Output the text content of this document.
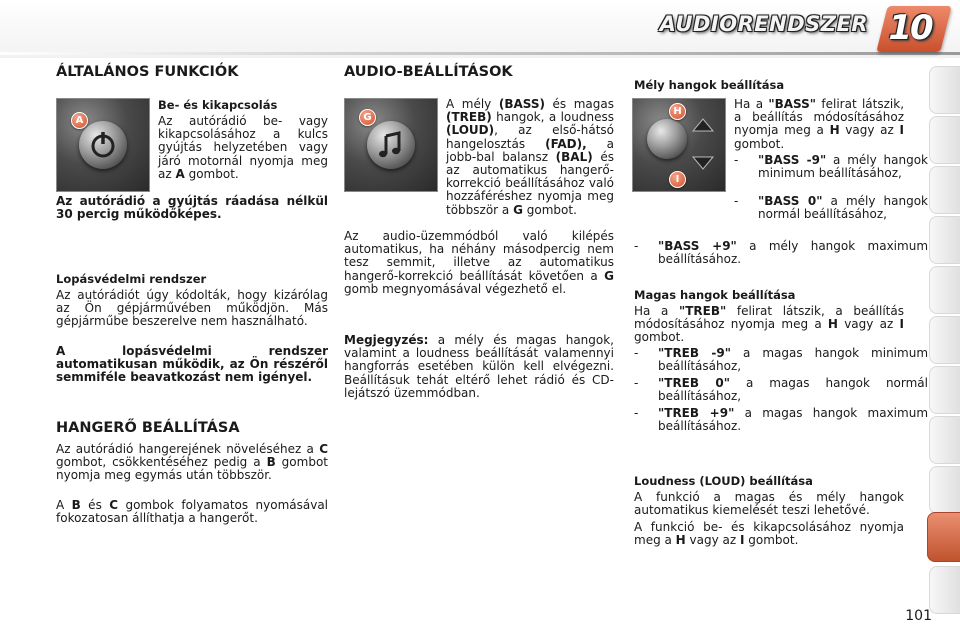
AUDIORENDSZER 10
ÁLTALÁNOS FUNKCIÓK
A
Be- és kikapcsolás

Az autórádió be- vagy kikapcsolásához a kulcs gyújtás helyzetében vagy járó motornál nyomja meg az A gombot.

Az autórádió a gyújtás ráadása nélkül 30 percig működőképes.

Lopásvédelmi rendszer

Az autórádiót úgy kódolták, hogy kizárólag az Ön gépjárművében működjön. Más gépjárműbe beszerelve nem használható.

A lopásvédelmi rendszer automatikusan működik, az Ön részéről semmiféle beavatkozást nem igényel.

HANGERŐ BEÁLLÍTÁSA

Az autórádió hangerejének növeléséhez a C gombot, csökkentéséhez pedig a B gombot nyomja meg egymás után többször.

A B és C gombok folyamatos nyomásával fokozatosan állíthatja a hangerőt.

AUDIO-BEÁLLÍTÁSOK
G

A mély (BASS) és magas (TREB) hangok, a loudness (LOUD), az első-hátsó hangelosztás (FAD), a jobb-bal balansz (BAL) és az automatikus hangerő-korrekció beállításához való hozzáféréshez nyomja meg többször a G gombot.

Az audio-üzemmódból való kilépés automatikus, ha néhány másodpercig nem tesz semmit, illetve az automatikus hangerő-korrekció beállítását követően a G gomb megnyomásával végezhető el.

Megjegyzés: a mély és magas hangok, valamint a loudness beállítását valamennyi hangforrás esetében külön kell elvégezni. Beállításuk tehát eltérő lehet rádió és CD-lejátszó üzemmódban.

Mély hangok beállítása
H
I

Ha a "BASS" felirat látszik, a beállítás módosításához nyomja meg a H vagy az I gombot.

- "BASS -9" a mély hangok minimum beállításához,

- "BASS 0" a mély hangok normál beállításához,

- "BASS +9" a mély hangok maximum beállításához.

Magas hangok beállítása

Ha a "TREB" felirat látszik, a beállítás módosításához nyomja meg a H vagy az I gombot.

- "TREB -9" a magas hangok minimum beállításához,

- "TREB 0" a magas hangok normál beállításához,

- "TREB +9" a magas hangok maximum beállításához.

Loudness (LOUD) beállítása

A funkció a magas és mély hangok automatikus kiemelését teszi lehetővé.

A funkció be- és kikapcsolásához nyomja meg a H vagy az I gombot.

101
